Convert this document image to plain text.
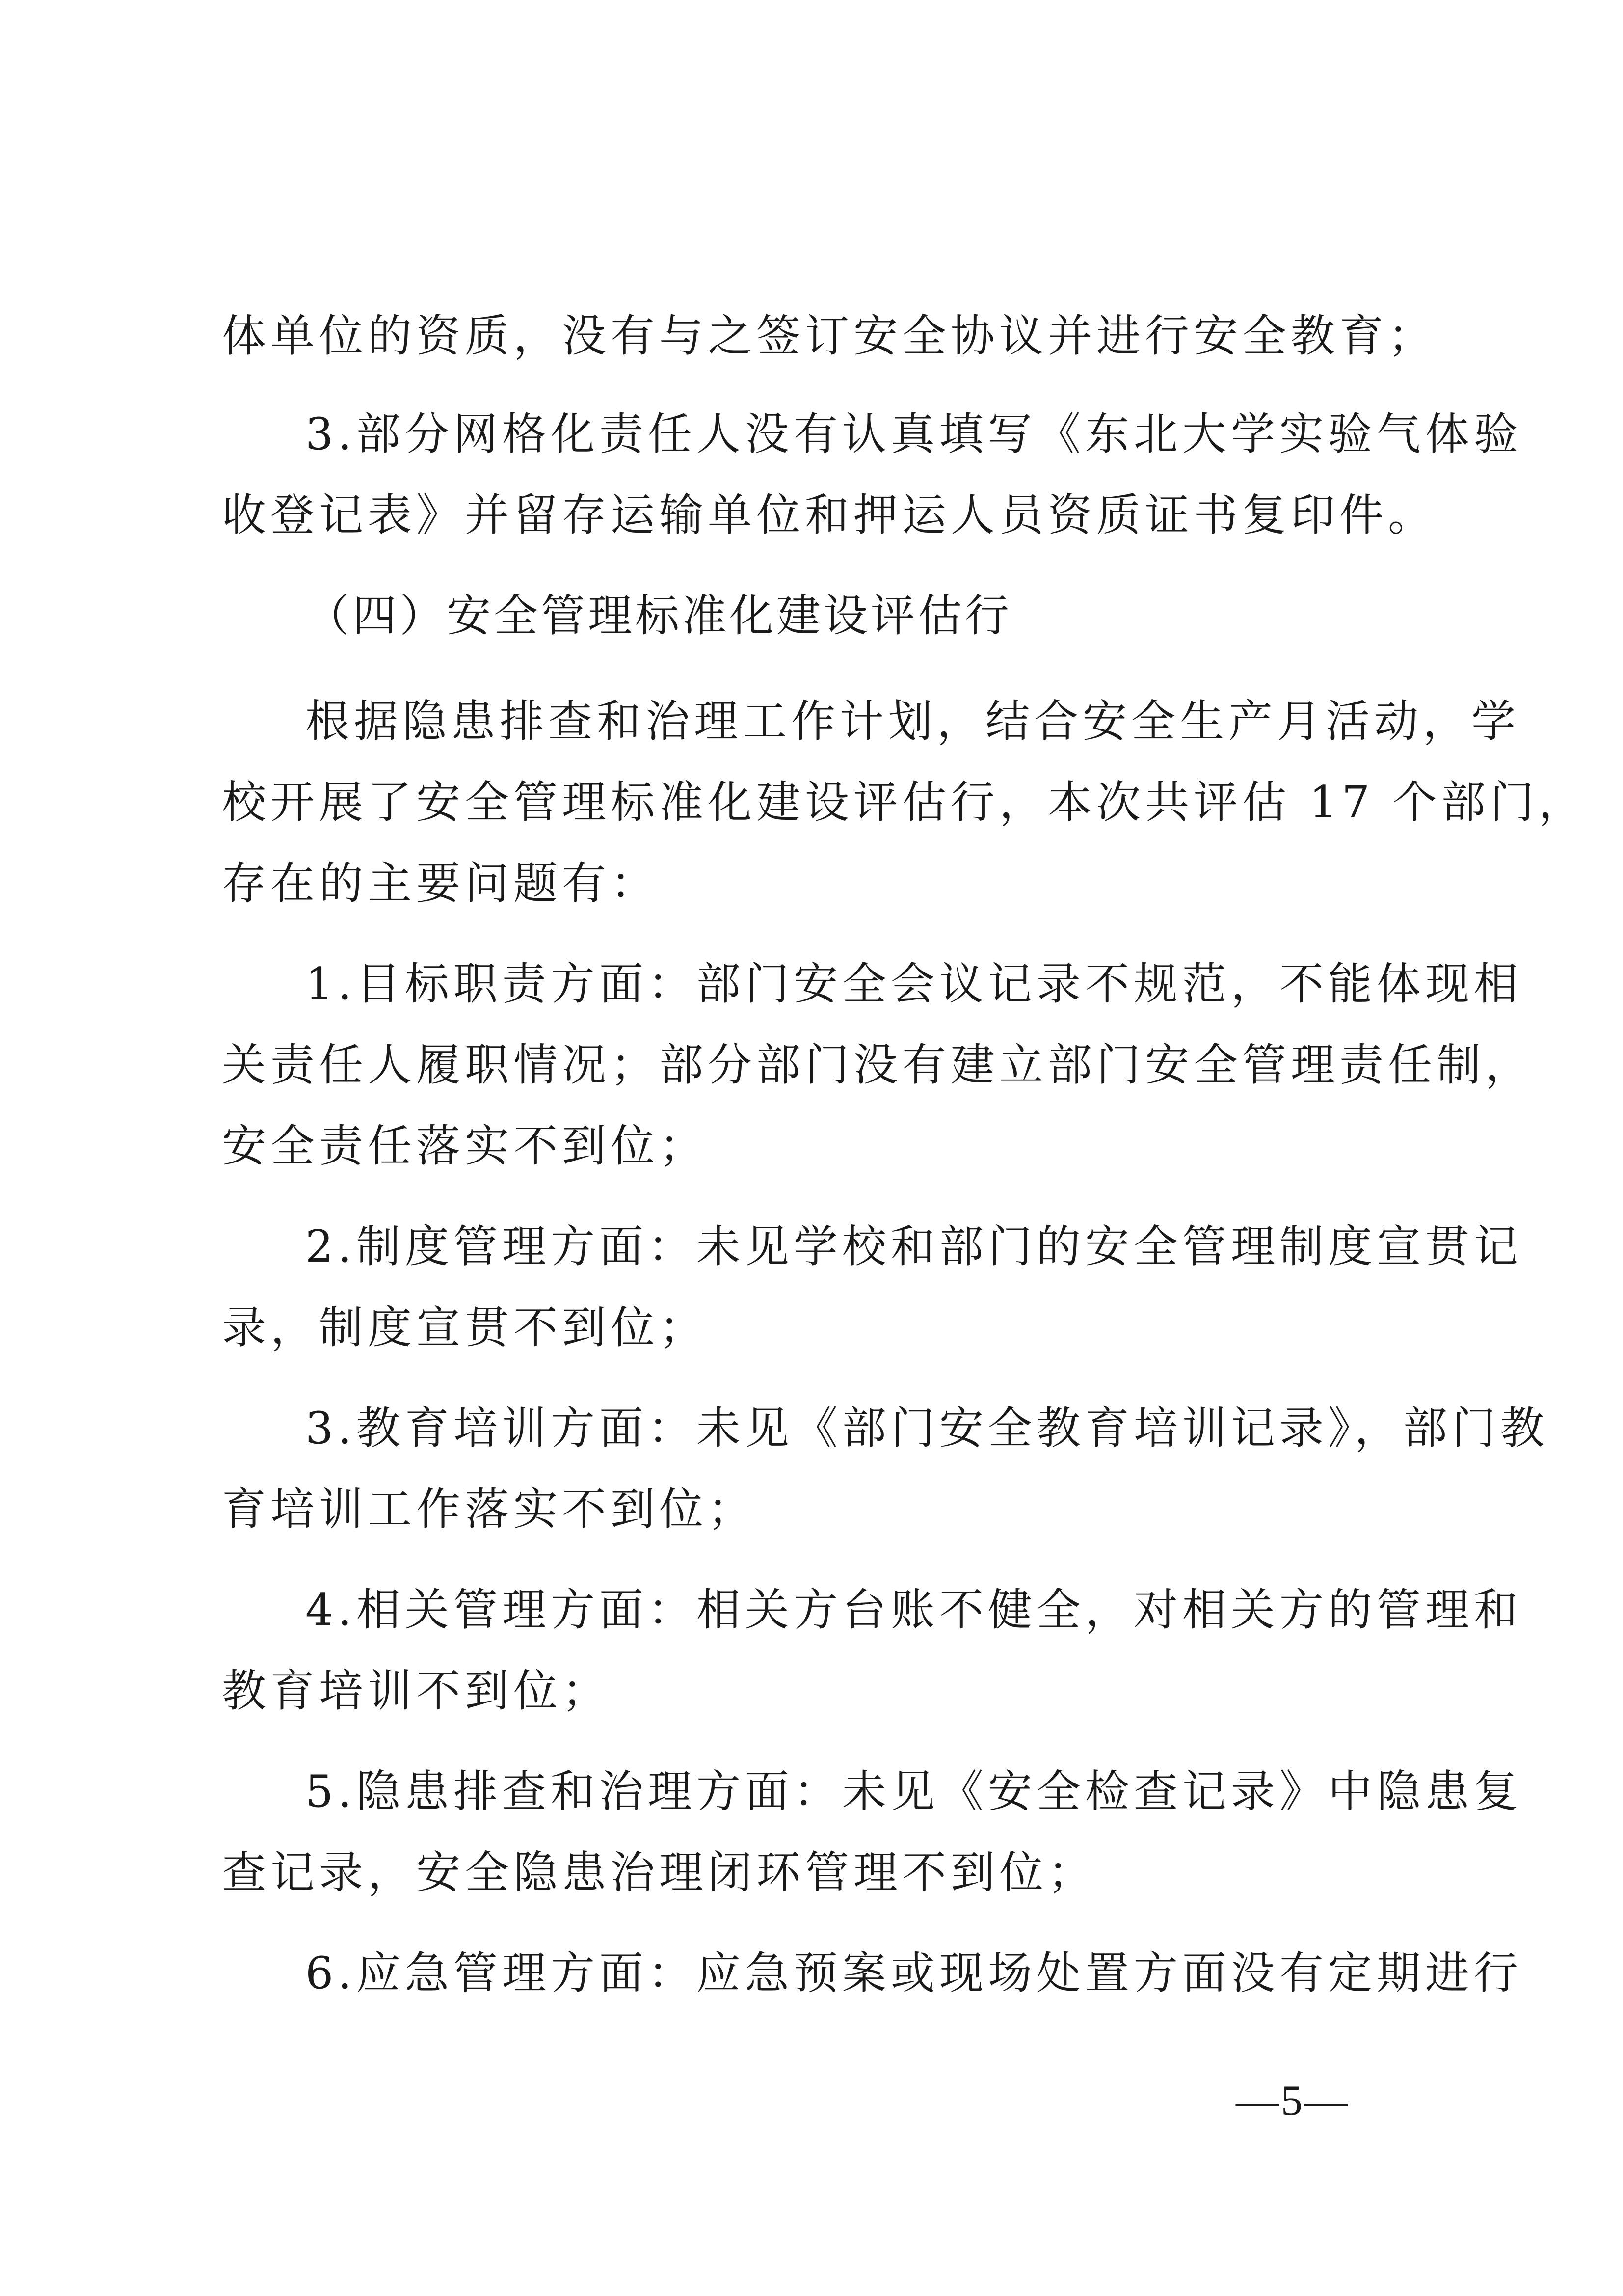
体单位的资质，没有与之签订安全协议并进行安全教育；
3.部分网格化责任人没有认真填写《东北大学实验气体验
收登记表》并留存运输单位和押运人员资质证书复印件。
（四）安全管理标准化建设评估行
根据隐患排查和治理工作计划，结合安全生产月活动，学
校开展了安全管理标准化建设评估行，本次共评估 17 个部门，
存在的主要问题有：
1.目标职责方面：部门安全会议记录不规范，不能体现相
关责任人履职情况；部分部门没有建立部门安全管理责任制，
安全责任落实不到位；
2.制度管理方面：未见学校和部门的安全管理制度宣贯记
录，制度宣贯不到位；
3.教育培训方面：未见《部门安全教育培训记录》，部门教
育培训工作落实不到位；
4.相关管理方面：相关方台账不健全，对相关方的管理和
教育培训不到位；
5.隐患排查和治理方面：未见《安全检查记录》中隐患复
查记录，安全隐患治理闭环管理不到位；
6.应急管理方面：应急预案或现场处置方面没有定期进行
—5—
